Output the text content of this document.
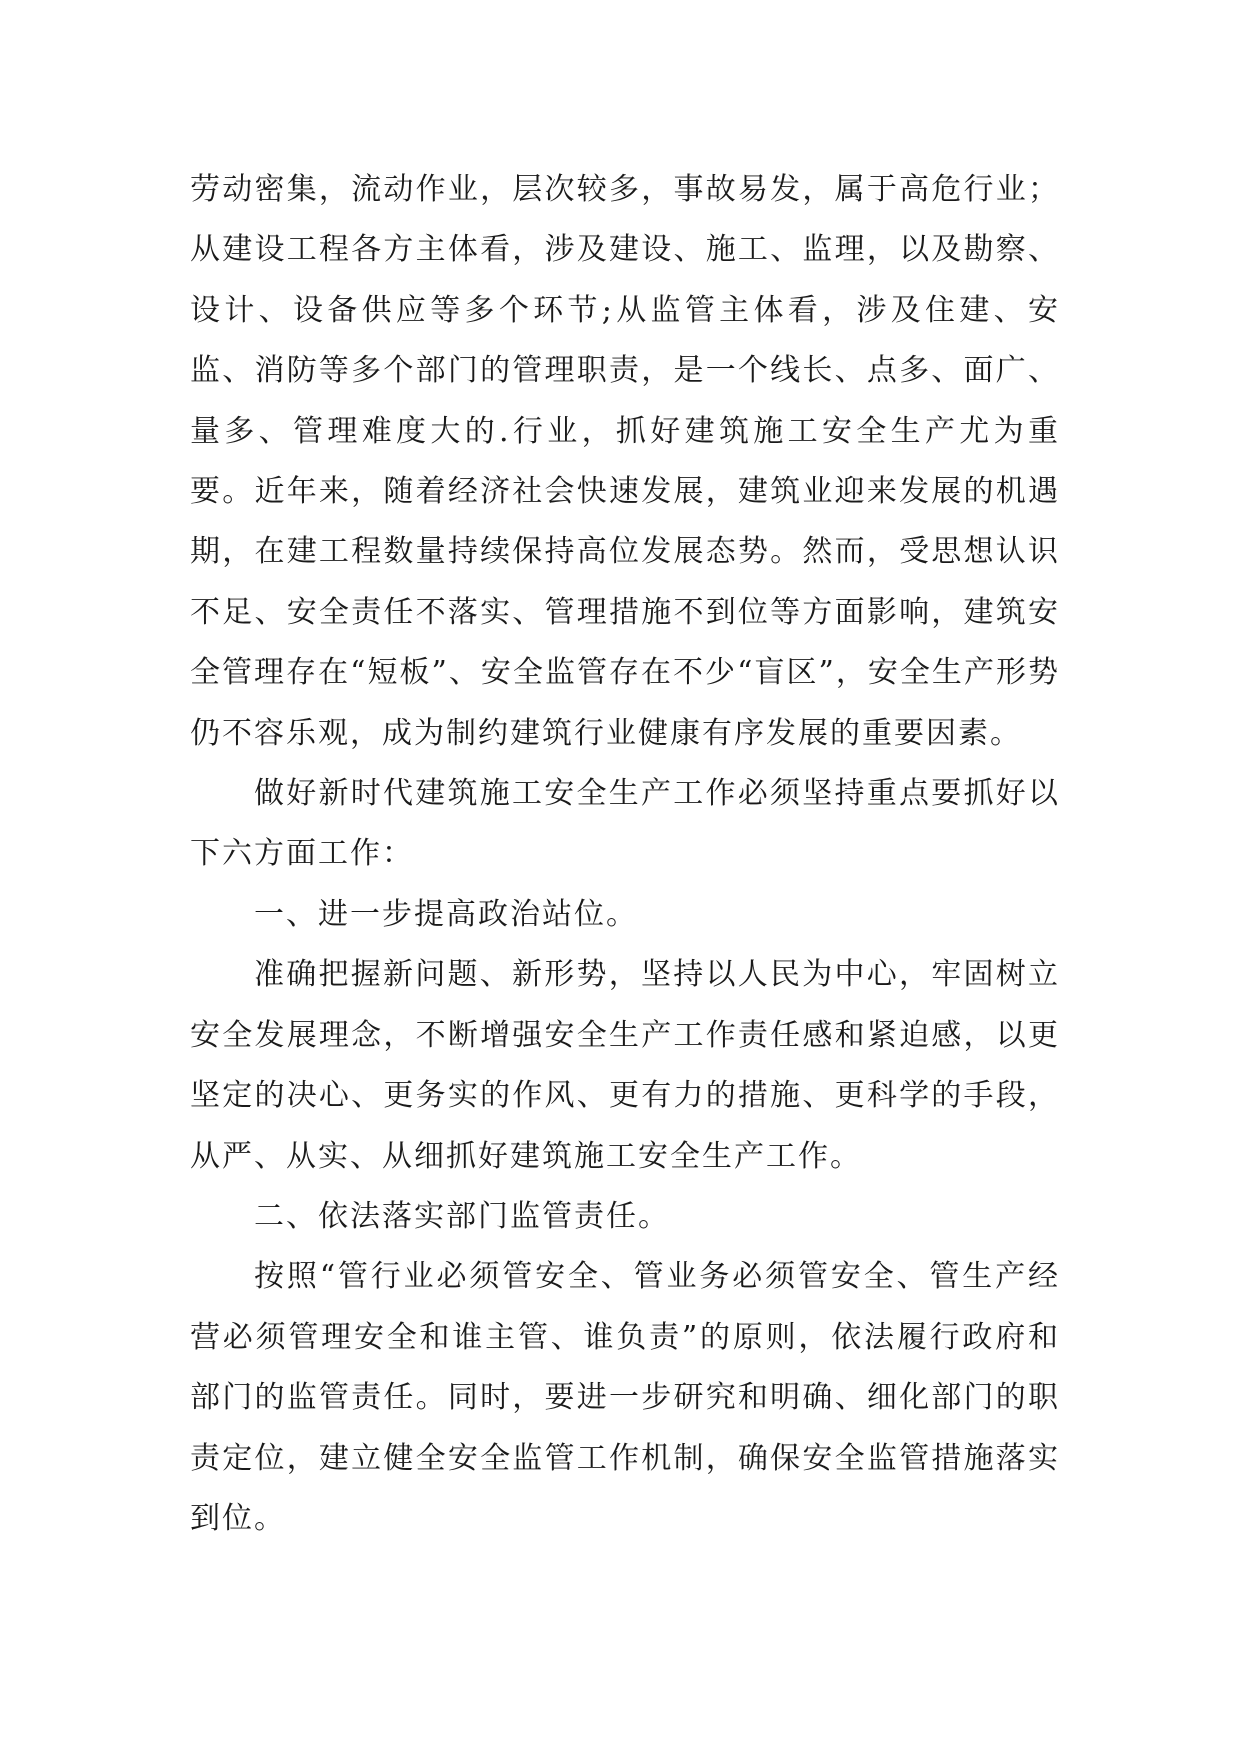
劳动密集，流动作业，层次较多，事故易发，属于高危行业；从建设工程各方主体看，涉及建设、施工、监理，以及勘察、设计、设备供应等多个环节;从监管主体看，涉及住建、安监、消防等多个部门的管理职责，是一个线长、点多、面广、量多、管理难度大的.行业，抓好建筑施工安全生产尤为重要。近年来，随着经济社会快速发展，建筑业迎来发展的机遇期，在建工程数量持续保持高位发展态势。然而，受思想认识不足、安全责任不落实、管理措施不到位等方面影响，建筑安全管理存在“短板”、安全监管存在不少“盲区”，安全生产形势仍不容乐观，成为制约建筑行业健康有序发展的重要因素。

做好新时代建筑施工安全生产工作必须坚持重点要抓好以下六方面工作：

一、进一步提高政治站位。

准确把握新问题、新形势，坚持以人民为中心，牢固树立安全发展理念，不断增强安全生产工作责任感和紧迫感，以更坚定的决心、更务实的作风、更有力的措施、更科学的手段，从严、从实、从细抓好建筑施工安全生产工作。

二、依法落实部门监管责任。

按照“管行业必须管安全、管业务必须管安全、管生产经营必须管理安全和谁主管、谁负责”的原则，依法履行政府和部门的监管责任。同时，要进一步研究和明确、细化部门的职责定位，建立健全安全监管工作机制，确保安全监管措施落实到位。
